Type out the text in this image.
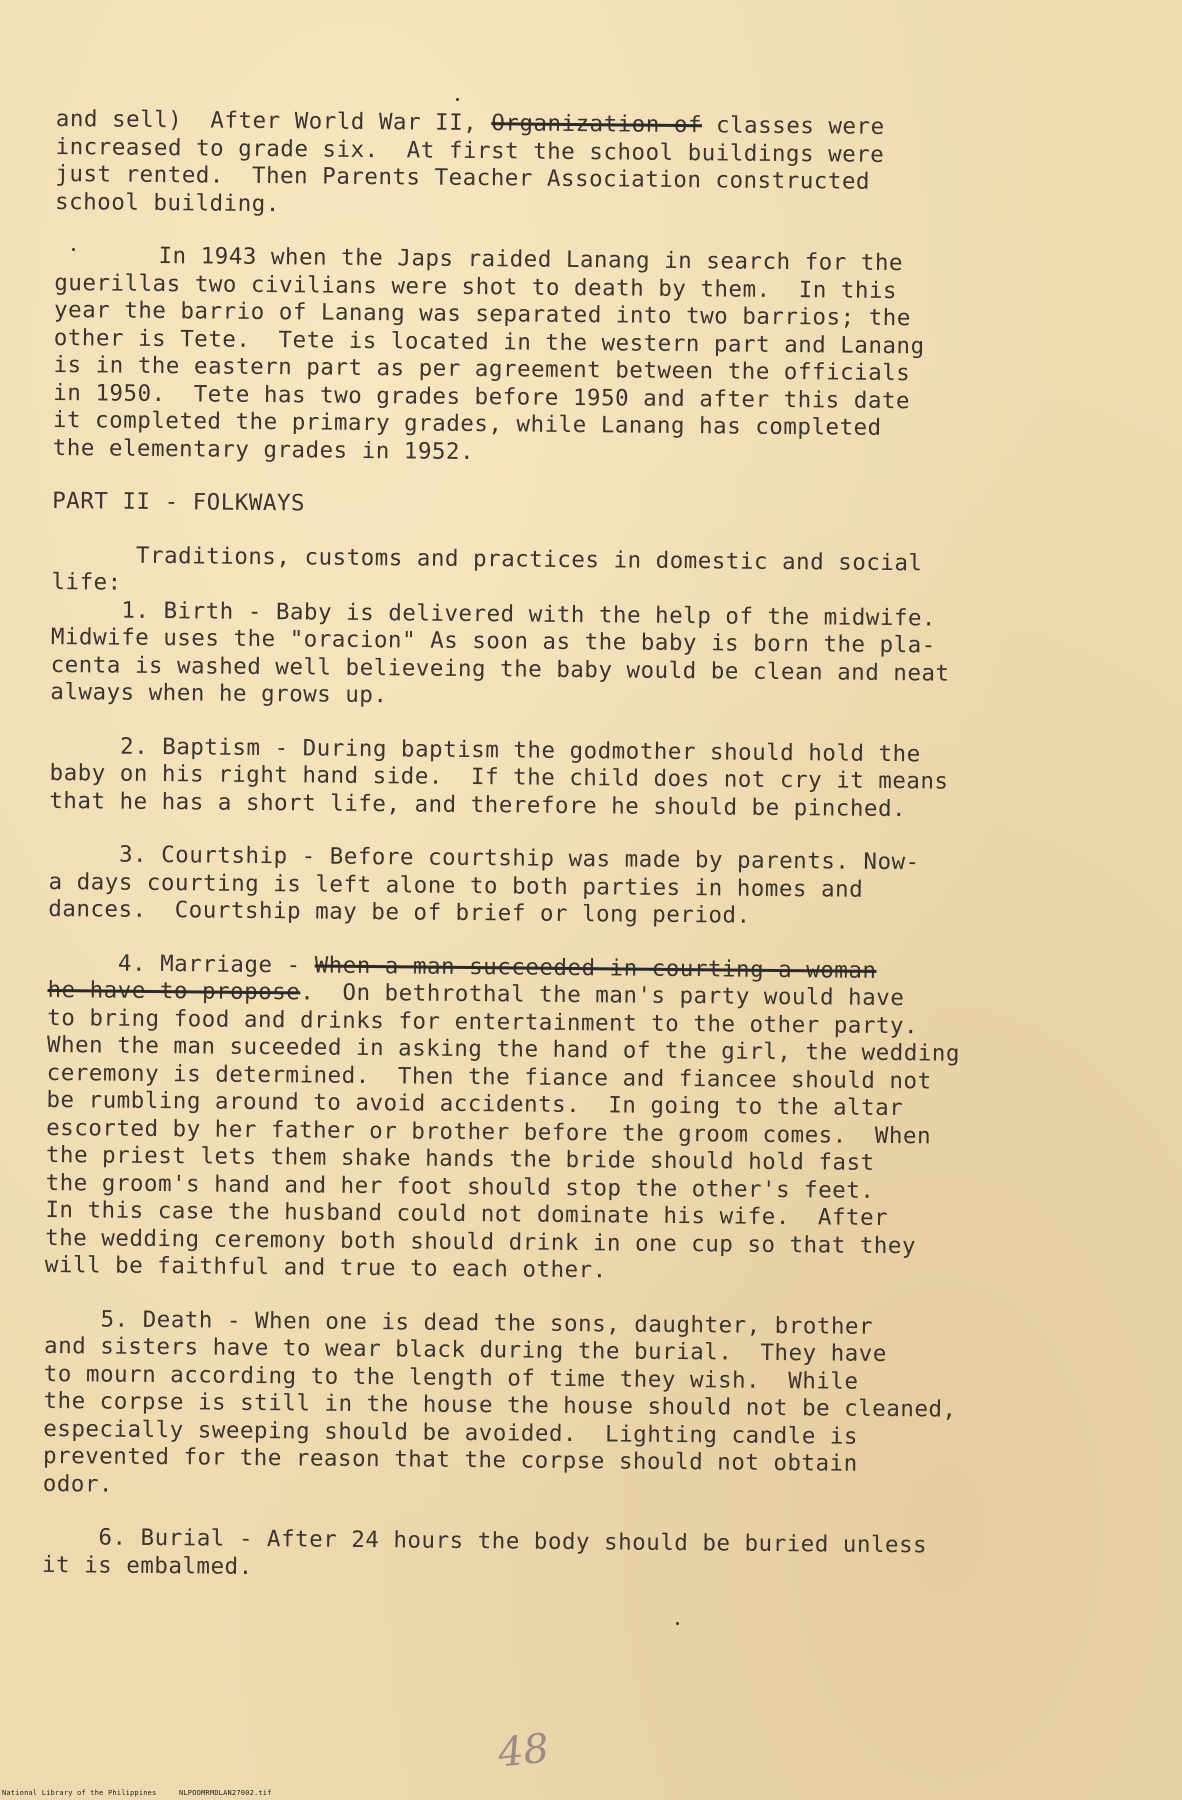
and sell)  After World War II, Organization of classes were

increased to grade six.  At first the school buildings were

just rented.  Then Parents Teacher Association constructed

school building.

In 1943 when the Japs raided Lanang in search for the

guerillas two civilians were shot to death by them.  In this

year the barrio of Lanang was separated into two barrios; the

other is Tete.  Tete is located in the western part and Lanang

is in the eastern part as per agreement between the officials

in 1950.  Tete has two grades before 1950 and after this date

it completed the primary grades, while Lanang has completed

the elementary grades in 1952.

PART II - FOLKWAYS

Traditions, customs and practices in domestic and social

life:

1. Birth - Baby is delivered with the help of the midwife.

Midwife uses the "oracion" As soon as the baby is born the pla-

centa is washed well believeing the baby would be clean and neat

always when he grows up.

2. Baptism - During baptism the godmother should hold the

baby on his right hand side.  If the child does not cry it means

that he has a short life, and therefore he should be pinched.

3. Courtship - Before courtship was made by parents. Now-

a days courting is left alone to both parties in homes and

dances.  Courtship may be of brief or long period.

4. Marriage - When a man succeeded in courting a woman

he have to propose.  On bethrothal the man's party would have

to bring food and drinks for entertainment to the other party.

When the man suceeded in asking the hand of the girl, the wedding

ceremony is determined.  Then the fiance and fiancee should not

be rumbling around to avoid accidents.  In going to the altar

escorted by her father or brother before the groom comes.  When

the priest lets them shake hands the bride should hold fast

the groom's hand and her foot should stop the other's feet.

In this case the husband could not dominate his wife.  After

the wedding ceremony both should drink in one cup so that they

will be faithful and true to each other.

5. Death - When one is dead the sons, daughter, brother

and sisters have to wear black during the burial.  They have

to mourn according to the length of time they wish.  While

the corpse is still in the house the house should not be cleaned,

especially sweeping should be avoided.  Lighting candle is

prevented for the reason that the corpse should not obtain

odor.

6. Burial - After 24 hours the body should be buried unless

it is embalmed.

48
National Library of the Philippines	NLPOOMRMDLAN27002.tif
